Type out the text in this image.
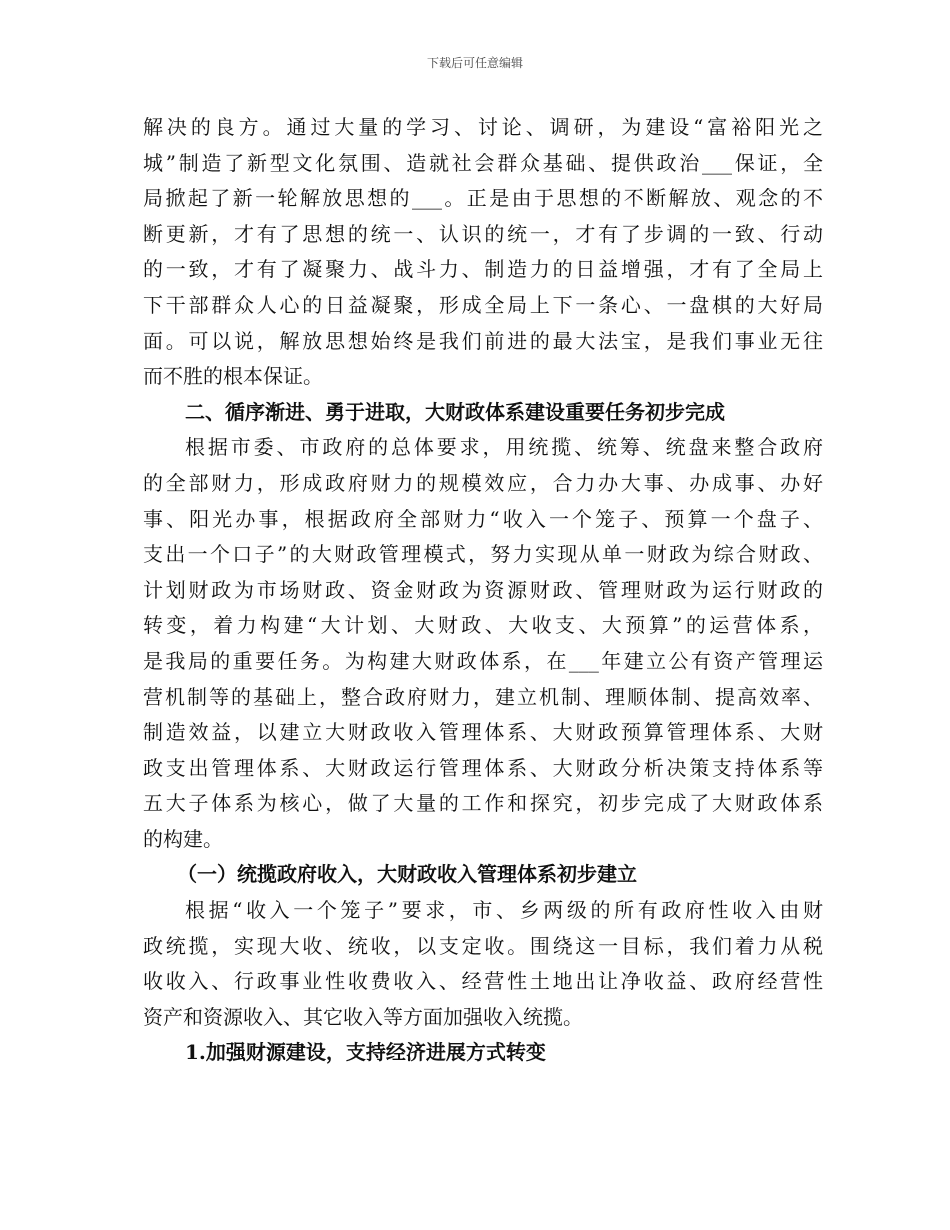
下载后可任意编辑
解决的良方。通过大量的学习、讨论、调研，为建设“富裕阳光之
城”制造了新型文化氛围、造就社会群众基础、提供政治___保证，全
局掀起了新一轮解放思想的___。正是由于思想的不断解放、观念的不
断更新，才有了思想的统一、认识的统一，才有了步调的一致、行动
的一致，才有了凝聚力、战斗力、制造力的日益增强，才有了全局上
下干部群众人心的日益凝聚，形成全局上下一条心、一盘棋的大好局
面。可以说，解放思想始终是我们前进的最大法宝，是我们事业无往
而不胜的根本保证。
二、循序渐进、勇于进取，大财政体系建设重要任务初步完成
根据市委、市政府的总体要求，用统揽、统筹、统盘来整合政府
的全部财力，形成政府财力的规模效应，合力办大事、办成事、办好
事、阳光办事，根据政府全部财力“收入一个笼子、预算一个盘子、
支出一个口子”的大财政管理模式，努力实现从单一财政为综合财政、
计划财政为市场财政、资金财政为资源财政、管理财政为运行财政的
转变，着力构建“大计划、大财政、大收支、大预算”的运营体系，
是我局的重要任务。为构建大财政体系，在___年建立公有资产管理运
营机制等的基础上，整合政府财力，建立机制、理顺体制、提高效率、
制造效益，以建立大财政收入管理体系、大财政预算管理体系、大财
政支出管理体系、大财政运行管理体系、大财政分析决策支持体系等
五大子体系为核心，做了大量的工作和探究，初步完成了大财政体系
的构建。
（一）统揽政府收入，大财政收入管理体系初步建立
根据“收入一个笼子”要求，市、乡两级的所有政府性收入由财
政统揽，实现大收、统收，以支定收。围绕这一目标，我们着力从税
收收入、行政事业性收费收入、经营性土地出让净收益、政府经营性
资产和资源收入、其它收入等方面加强收入统揽。
1.加强财源建设，支持经济进展方式转变
